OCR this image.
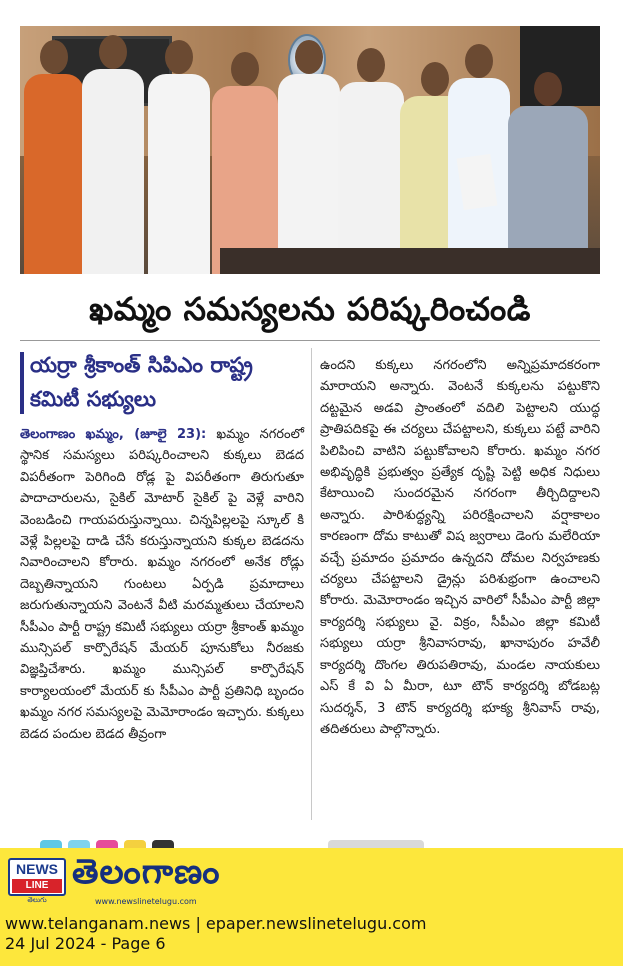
ఖమ్మం సమస్యలను పరిష్కరించండి
యర్రా శ్రీకాంత్ సిపిఎం రాష్ట్ర
కమిటీ సభ్యులు
తెలంగాణం ఖమ్మం, (జూలై 23): ఖమ్మం నగరంలో స్థానిక సమస్యలు పరిష్కరించాలని కుక్కలు బెడద విపరీతంగా పెరిగింది రోడ్ల పై విపరీతంగా తిరుగుతూ పాదాచారులను, సైకిల్ మోటార్ సైకిల్ పై వెళ్లే వారిని వెంబడించి గాయపరుస్తున్నాయి. చిన్నపిల్లలపై స్కూల్ కి వెళ్లే పిల్లలపై దాడి చేసే కరుస్తున్నాయని కుక్కల బెడదను నివారించాలని కోరారు. ఖమ్మం నగరంలో అనేక రోడ్లు దెబ్బతిన్నాయని గుంటలు ఏర్పడి ప్రమాదాలు జరుగుతున్నాయని వెంటనే వీటి మరమ్మతులు చేయాలని సీపీఎం పార్టీ రాష్ట్ర కమిటీ సభ్యులు యర్రా శ్రీకాంత్ ఖమ్మం మున్సిపల్ కార్పొరేషన్ మేయర్ పూనుకోలు నీరజకు విజ్ఞప్తిచేశారు. ఖమ్మం మున్సిపల్ కార్పొరేషన్ కార్యాలయంలో మేయర్ కు సీపీఎం పార్టీ ప్రతినిధి బృందం ఖమ్మం నగర సమస్యలపై మెమోరాండం ఇచ్చారు. కుక్కలు బెడద పందుల బెడద తీవ్రంగా
ఉందని కుక్కలు నగరంలోని అన్నిప్రమాదకరంగా మారాయని అన్నారు. వెంటనే కుక్కలను పట్టుకొని దట్టమైన అడవి ప్రాంతంలో వదిలి పెట్టాలని యుద్ధ ప్రాతిపదికపై ఈ చర్యలు చేపట్టాలని, కుక్కలు పట్టే వారిని పిలిపించి వాటిని పట్టుకోవాలని కోరారు. ఖమ్మం నగర అభివృద్ధికి ప్రభుత్వం ప్రత్యేక దృష్టి పెట్టి అధిక నిధులు కేటాయించి సుందరమైన నగరంగా తీర్చిదిద్దాలని అన్నారు. పారిశుద్ధ్యన్ని పరిరక్షించాలని వర్షాకాలం కారణంగా దోమ కాటుతో విష జ్వరాలు డెంగు మలేరియా వచ్చే ప్రమాదం ప్రమాదం ఉన్నదని దోమల నిర్వహణకు చర్యలు చేపట్టాలని డ్రైన్లు పరిశుభ్రంగా ఉంచాలని కోరారు. మెమోరాండం ఇచ్చిన వారిలో సీపీఎం పార్టీ జిల్లా కార్యదర్శి సభ్యులు వై. విక్రం, సీపీఎం జిల్లా కమిటీ సభ్యులు యర్రా శ్రీనివాసరావు, ఖానాపురం హవేలీ కార్యదర్శి దొంగల తిరుపతిరావు, మండల నాయకులు ఎస్ కే వి ఏ మీరా, టూ టౌన్ కార్యదర్శి బోడబట్ల సుదర్శన్, 3 టౌన్ కార్యదర్శి భూక్య శ్రీనివాస్ రావు, తదితరులు పాల్గొన్నారు.
NEWS
LINE
తెలుగు
తెలంగాణం
www.newslinetelugu.com
www.telanganam.news | epaper.newslinetelugu.com
24 Jul 2024 - Page 6
